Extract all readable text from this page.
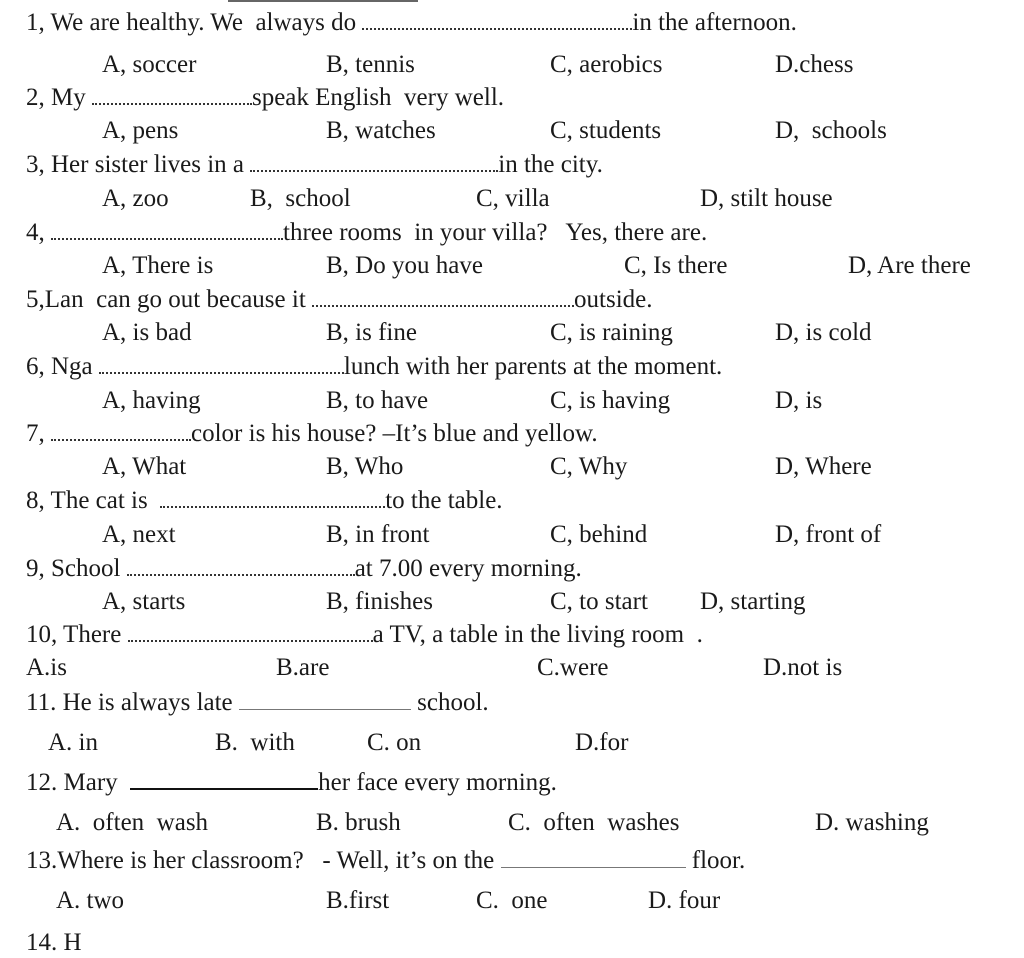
1, We are healthy. We  always do	in the afternoon.
A, soccer	B, tennis	C, aerobics	D.chess
2, My	speak English  very well.
A, pens	B, watches	C, students	D,  schools
3, Her sister lives in a	in the city.
A, zoo	B,  school	C, villa	D, stilt house
4,	three rooms  in your villa?   Yes, there are.
A, There is	B, Do you have	C, Is there	D, Are there
5,Lan  can go out because it	outside.
A, is bad	B, is fine	C, is raining	D, is cold
6, Nga	lunch with her parents at the moment.
A, having	B, to have	C, is having	D, is
7,	color is his house? –It’s blue and yellow.
A, What	B, Who	C, Why	D, Where
8, The cat is	to the table.
A, next	B, in front	C, behind	D, front of
9, School	at 7.00 every morning.
A, starts	B, finishes	C, to start D, starting
10, There	a TV, a table in the living room  .
A.is	B.are	C.were	D.not is
11. He is always late	school.
A. in	B.  with	C. on	D.for
12. Mary	her face every morning.
A.  often  wash	B. brush	C.  often  washes	D. washing
13.Where is her classroom?   - Well, it’s on the	floor.
A. two	B.first	C.  one	D. four
14. H
